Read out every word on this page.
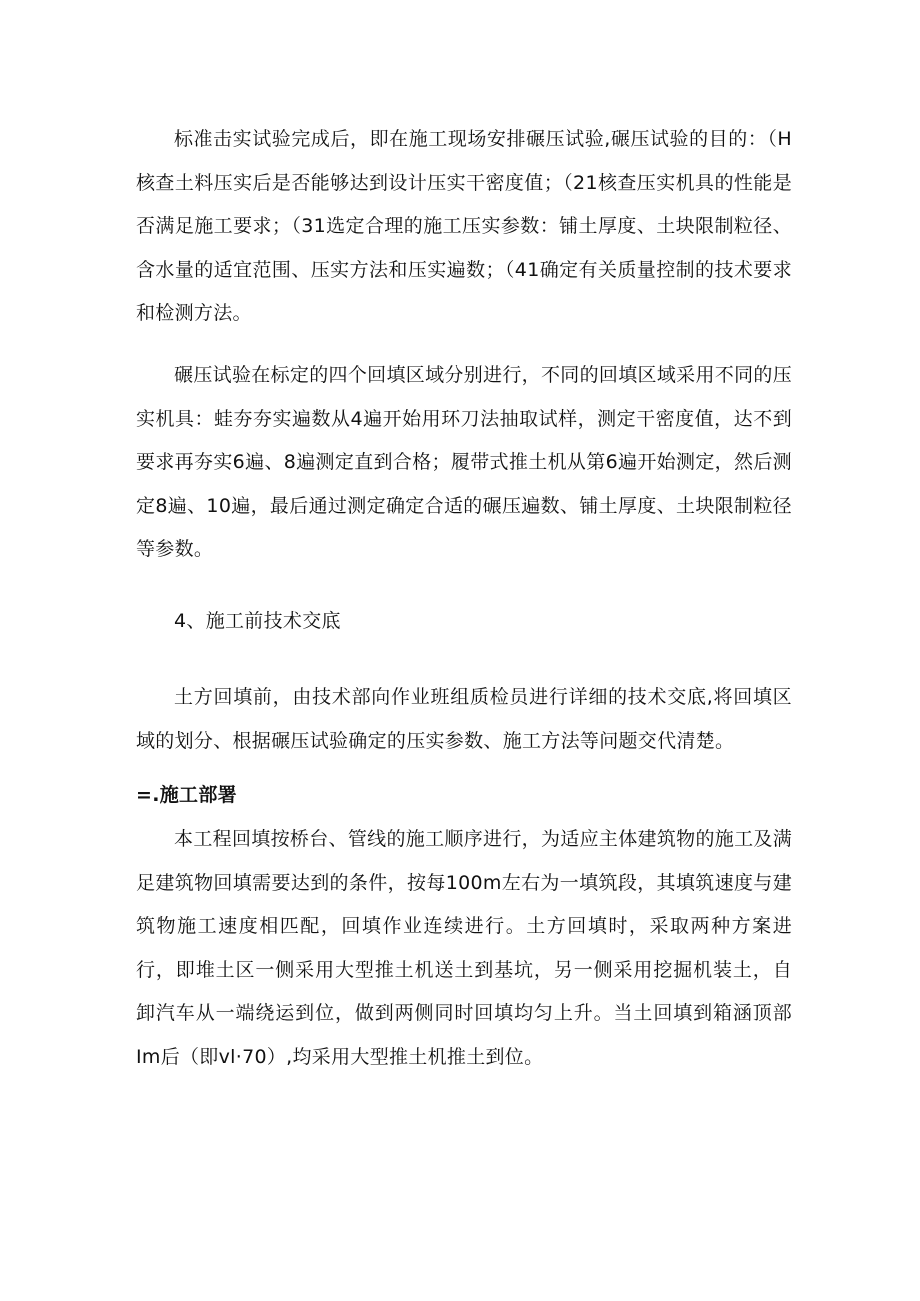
标准击实试验完成后，即在施工现场安排碾压试验,碾压试验的目的：（H核查土料压实后是否能够达到设计压实干密度值；（21核查压实机具的性能是否满足施工要求；（31选定合理的施工压实参数：铺土厚度、土块限制粒径、含水量的适宜范围、压实方法和压实遍数；（41确定有关质量控制的技术要求和检测方法。

碾压试验在标定的四个回填区域分别进行，不同的回填区域采用不同的压实机具：蛙夯夯实遍数从4遍开始用环刀法抽取试样，测定干密度值，达不到要求再夯实6遍、8遍测定直到合格；履带式推土机从第6遍开始测定，然后测定8遍、10遍，最后通过测定确定合适的碾压遍数、铺土厚度、土块限制粒径等参数。

4、施工前技术交底

土方回填前，由技术部向作业班组质检员进行详细的技术交底,将回填区域的划分、根据碾压试验确定的压实参数、施工方法等问题交代清楚。

=.施工部署

本工程回填按桥台、管线的施工顺序进行，为适应主体建筑物的施工及满足建筑物回填需要达到的条件，按每100m左右为一填筑段，其填筑速度与建筑物施工速度相匹配，回填作业连续进行。土方回填时，采取两种方案进行，即堆土区一侧采用大型推土机送土到基坑，另一侧采用挖掘机装土，自卸汽车从一端绕运到位，做到两侧同时回填均匀上升。当土回填到箱涵顶部Im后（即vl·70）,均采用大型推土机推土到位。
